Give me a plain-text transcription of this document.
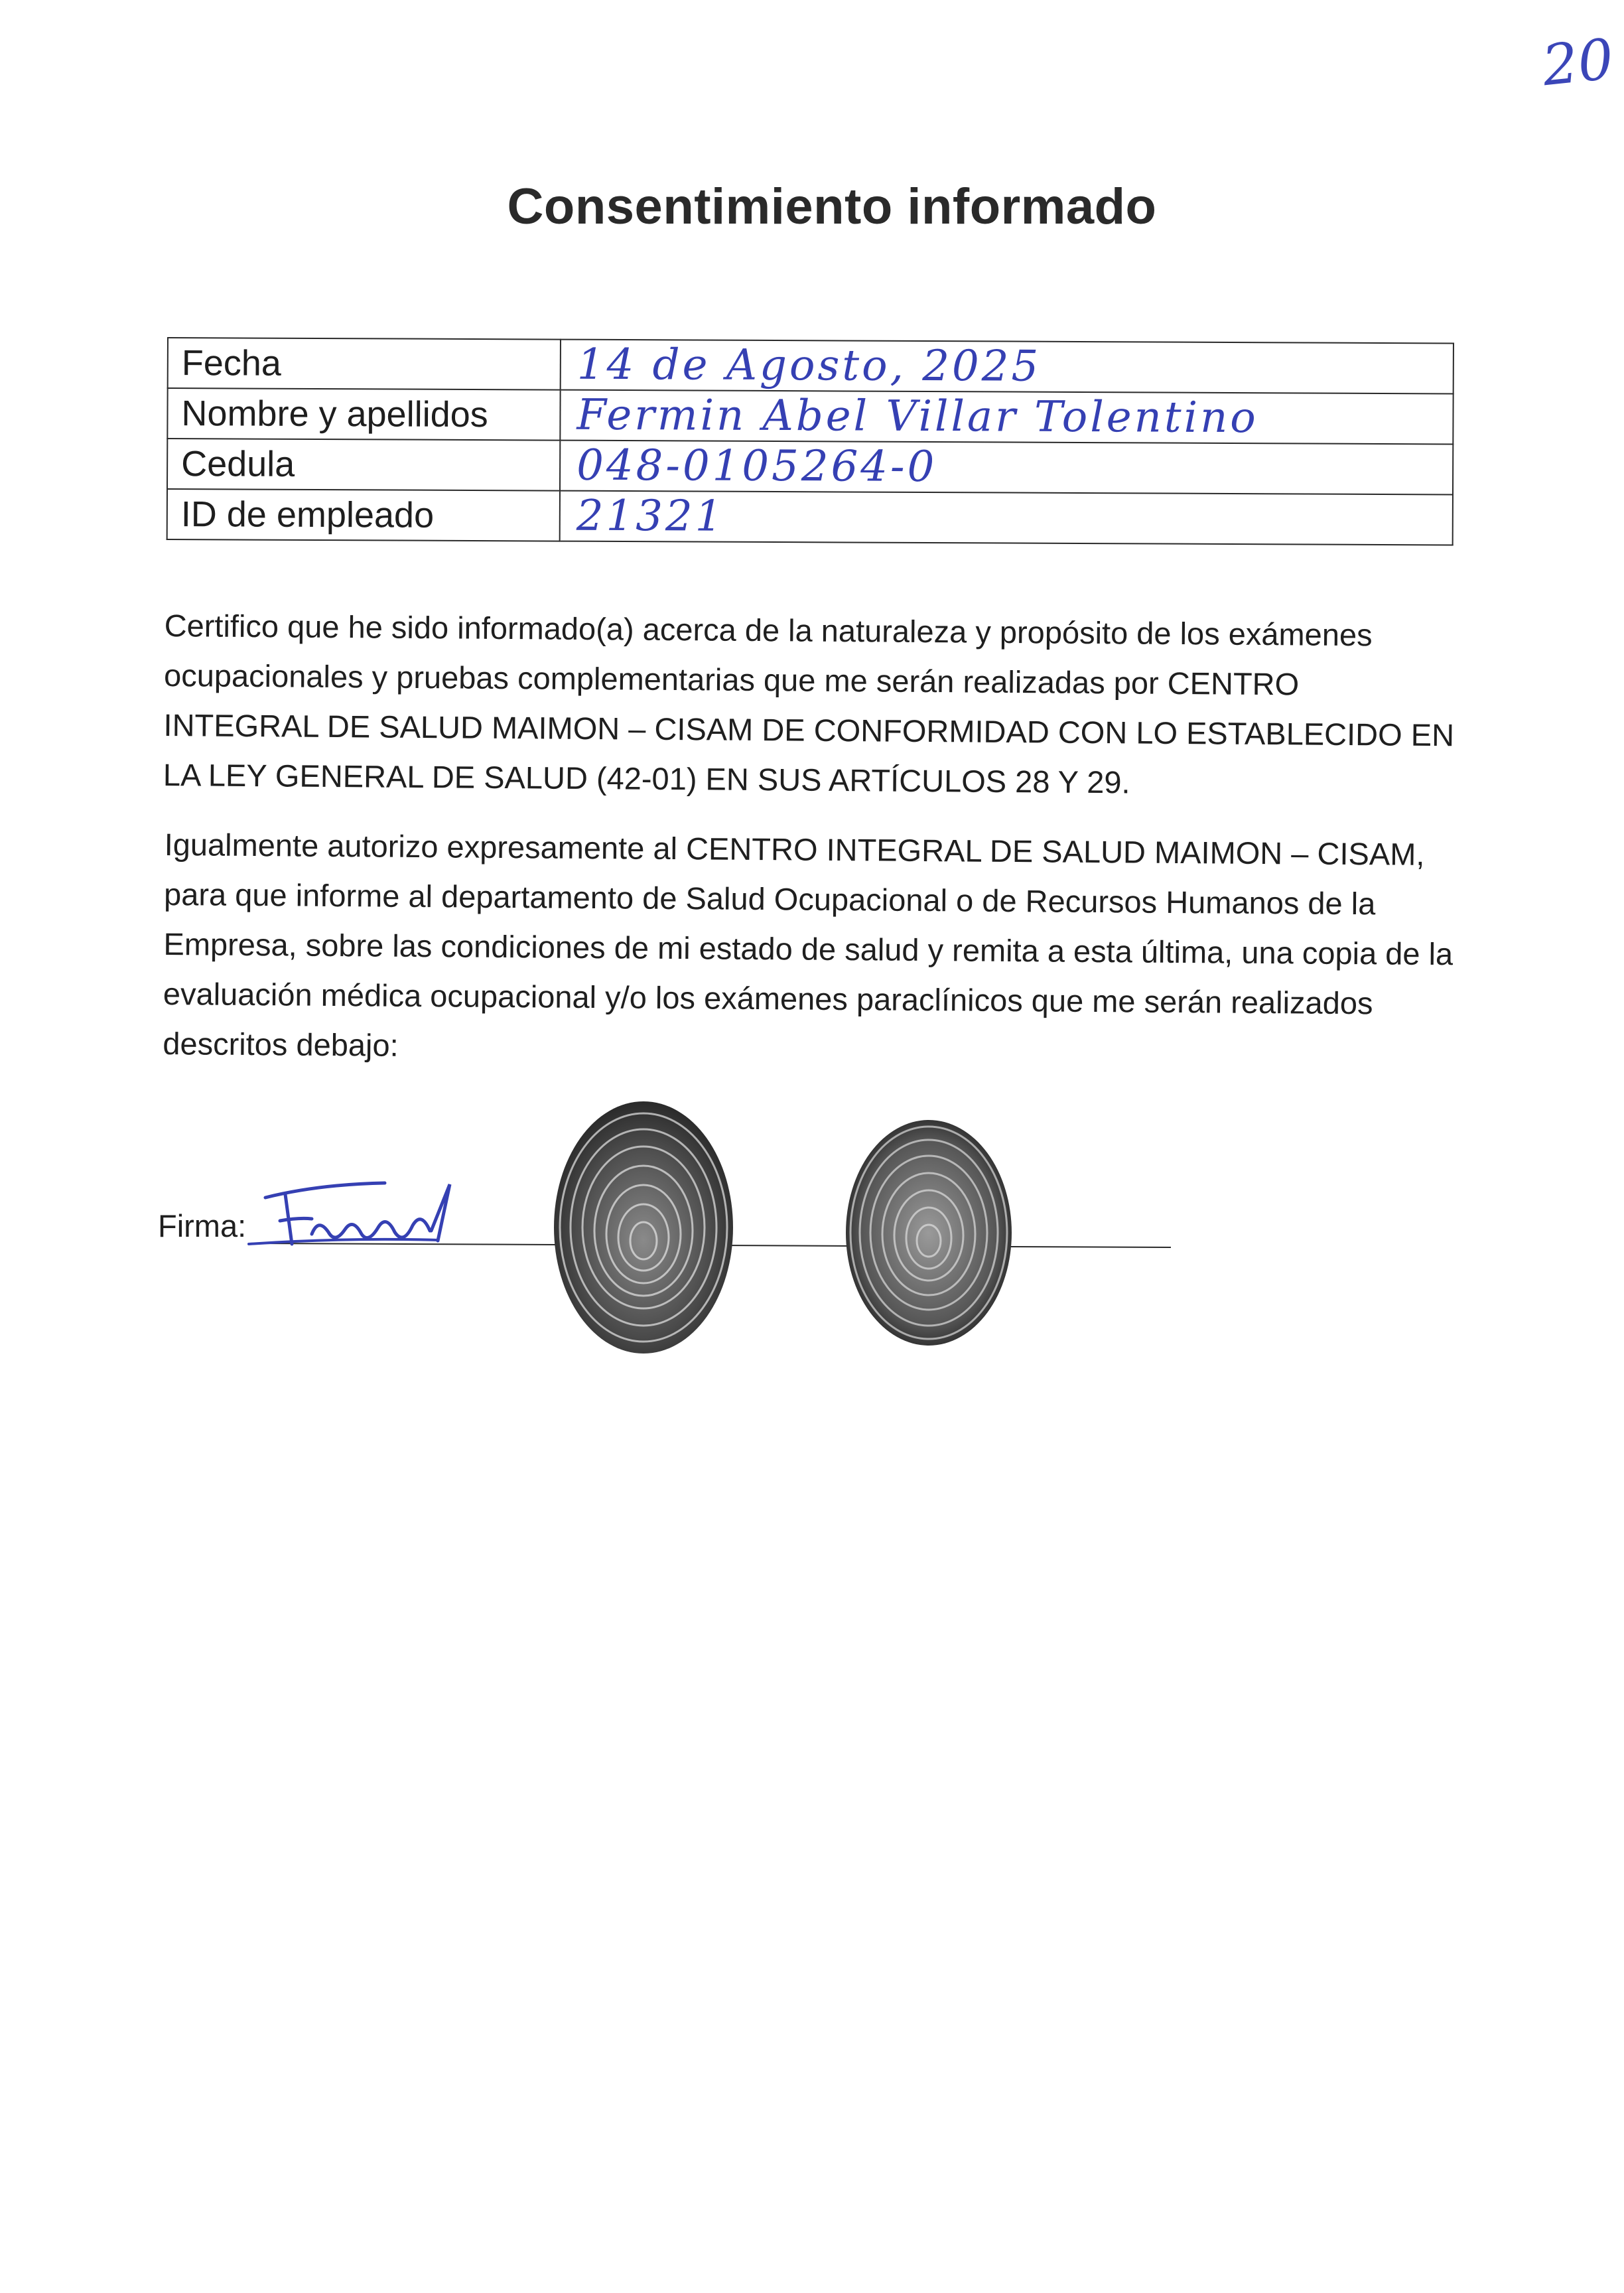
20
Consentimiento informado
Fecha	14 de Agosto, 2025
Nombre y apellidos	Fermin Abel Villar Tolentino
Cedula	048-0105264-0
ID de empleado	21321

Certifico que he sido informado(a) acerca de la naturaleza y propósito de los exámenes ocupacionales y pruebas complementarias que me serán realizadas por CENTRO INTEGRAL DE SALUD MAIMON – CISAM DE CONFORMIDAD CON LO ESTABLECIDO EN LA LEY GENERAL DE SALUD (42-01) EN SUS ARTÍCULOS 28 Y 29.

Igualmente autorizo expresamente al CENTRO INTEGRAL DE SALUD MAIMON – CISAM, para que informe al departamento de Salud Ocupacional o de Recursos Humanos de la Empresa, sobre las condiciones de mi estado de salud y remita a esta última, una copia de la evaluación médica ocupacional y/o los exámenes paraclínicos que me serán realizados descritos debajo:

Firma:
